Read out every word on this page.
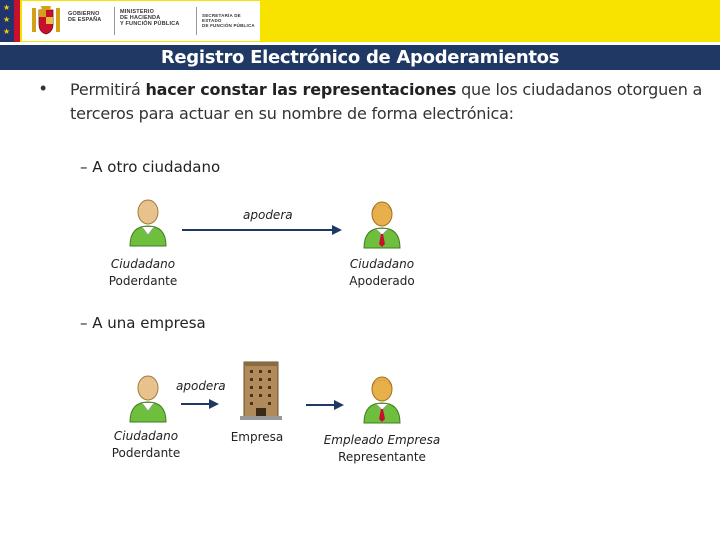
★
★
★
GOBIERNO
DE ESPAÑA
MINISTERIO
DE HACIENDA
Y FUNCIÓN PÚBLICA
SECRETARÍA DE ESTADO
DE FUNCIÓN PÚBLICA
Registro Electrónico de Apoderamientos
• Permitirá hacer constar las representaciones que los ciudadanos otorguen a terceros para actuar en su nombre de forma electrónica:
– A otro ciudadano
apodera
Ciudadano
Poderdante
Ciudadano
Apoderado
– A una empresa
apodera
Ciudadano
Poderdante
Empresa	Empleado Empresa
Representante
